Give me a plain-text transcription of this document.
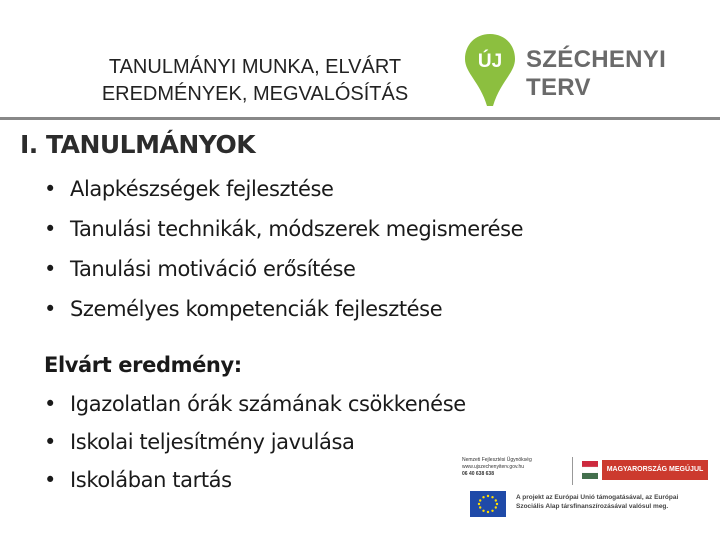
TANULMÁNYI MUNKA, ELVÁRT
EREDMÉNYEK, MEGVALÓSÍTÁS
ÚJ SZÉCHENYI TERV
I. TANULMÁNYOK
• Alapkészségek fejlesztése
• Tanulási technikák, módszerek megismerése
• Tanulási motiváció erősítése
• Személyes kompetenciák fejlesztése
Elvárt eredmény:
• Igazolatlan órák számának csökkenése
• Iskolai teljesítmény javulása
• Iskolában tartás
Nemzeti Fejlesztési Ügynökség
www.ujszechenyiterv.gov.hu
06 40 638 638
MAGYARORSZÁG MEGÚJUL
A projekt az Európai Unió támogatásával, az Európai
Szociális Alap társfinanszírozásával valósul meg.
